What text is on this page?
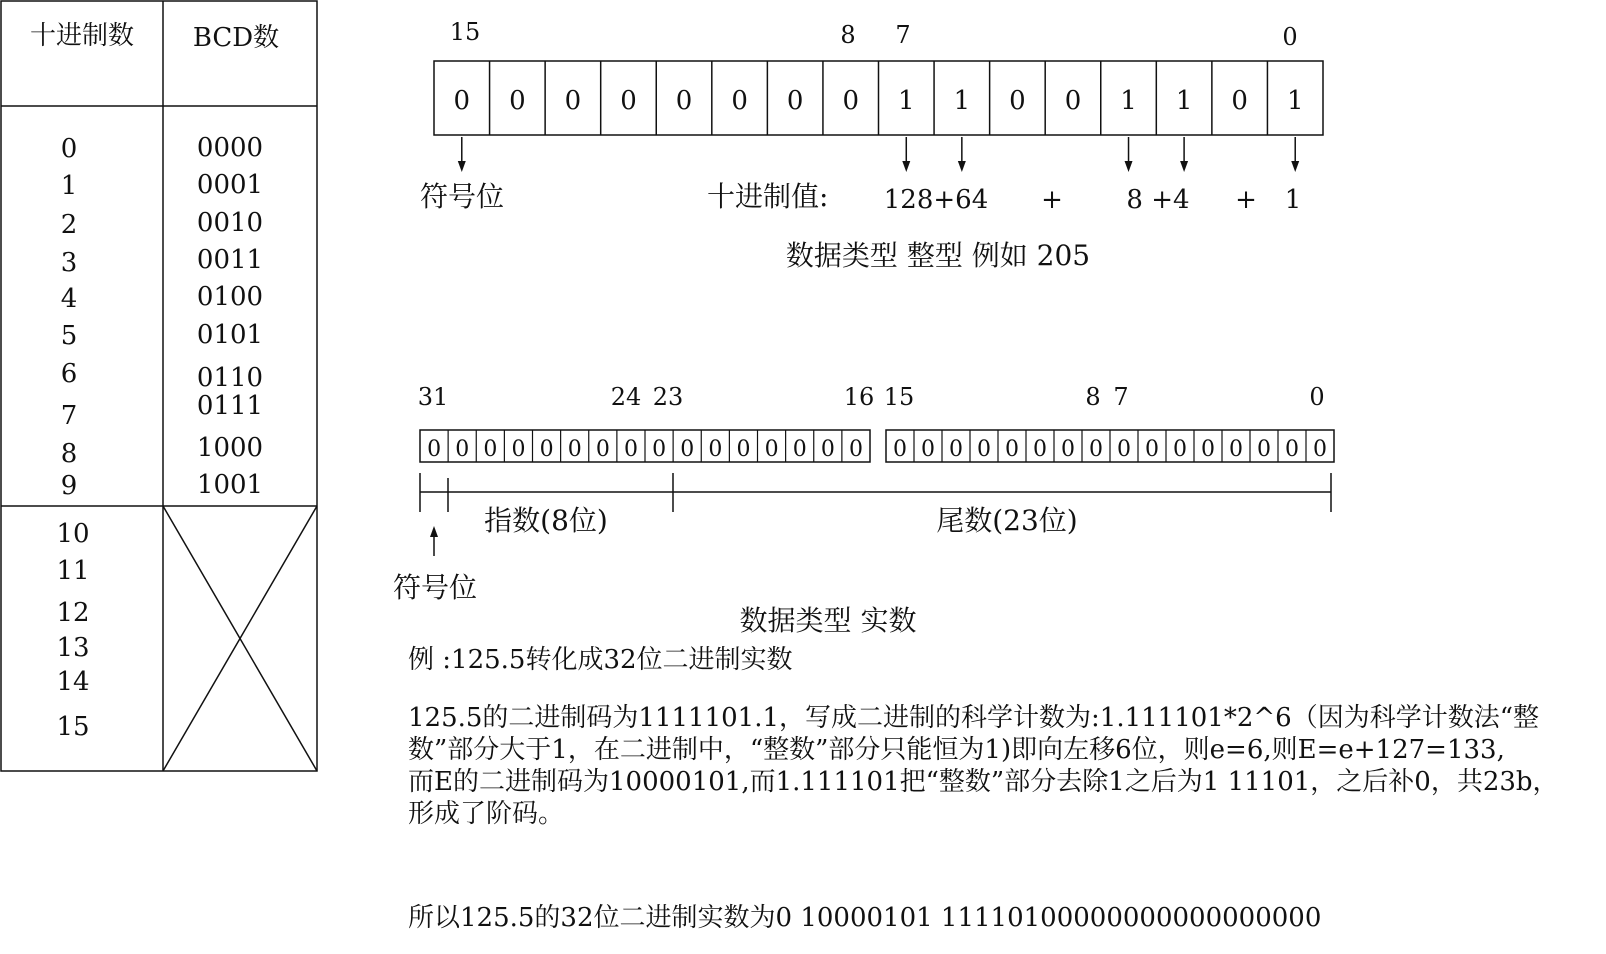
十进制数 BCD数
0	0000
1	0001
2	0010
3	0011
4	0100
5	0101
6	0110
7	0111
8	1000
9	1001
10
11
12
13
14
15
0 0 0 0 0 0 0 0 1 1 0 0 1 1 0 1
15	8 7	0
符号位	十进制值: 128+64 + 8 +4 + 1
数据类型 整型 例如 205
0 0 0 0 0 0 0 0 0 0 0 0 0 0 0 0 0 0 0 0 0 0 0 0 0 0 0 0 0 0 0 0
31	24 23	16 15	8 7	0
指数(8位)	尾数(23位)
符号位
数据类型 实数
例 :125.5转化成32位二进制实数
125.5的二进制码为1111101.1，写成二进制的科学计数为:1.111101*2^6（因为科学计数法“整
数”部分大于1，在二进制中，“整数”部分只能恒为1)即向左移6位，则e=6,则E=e+127=133,
而E的二进制码为10000101,而1.111101把“整数”部分去除1之后为1 11101，之后补0，共23b，
形成了阶码。
所以125.5的32位二进制实数为0 10000101 11110100000000000000000
